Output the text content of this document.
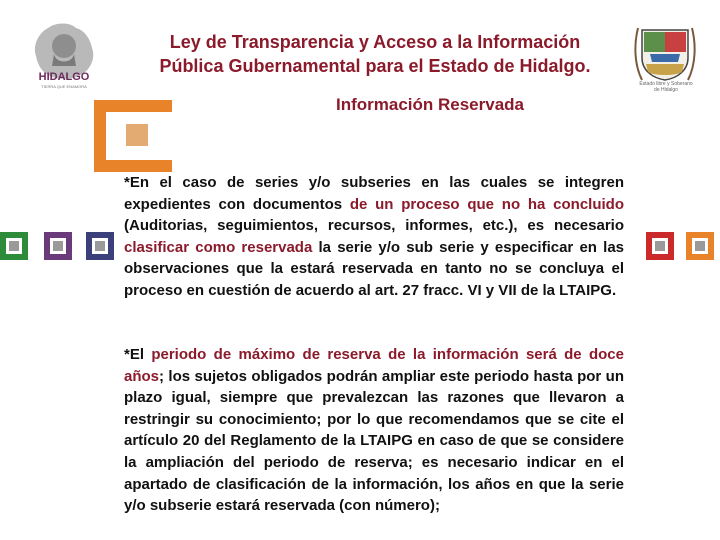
HIDALGO
TIERRA QUE ENAMORA	Estado libre y Soberano de Hidalgo
Ley de Transparencia y Acceso a la Información
Pública Gubernamental para el Estado de Hidalgo.
Información Reservada
*En el caso de series y/o subseries en las cuales se integren expedientes con documentos de un proceso que no ha concluido (Auditorias, seguimientos, recursos, informes, etc.), es necesario clasificar como reservada la serie y/o sub serie y especificar en las observaciones que la estará reservada en tanto no se concluya el proceso en cuestión de acuerdo al art. 27 fracc. VI y VII de la LTAIPG.
*El periodo de máximo de reserva de la información será de doce años; los sujetos obligados podrán ampliar este periodo hasta por un plazo igual, siempre que prevalezcan las razones que llevaron a restringir su conocimiento; por lo que recomendamos que se cite el artículo 20 del Reglamento de la LTAIPG en caso de que se considere la ampliación del periodo de reserva; es necesario indicar en el apartado de clasificación de la información, los años en que la serie y/o subserie estará reservada (con número);
